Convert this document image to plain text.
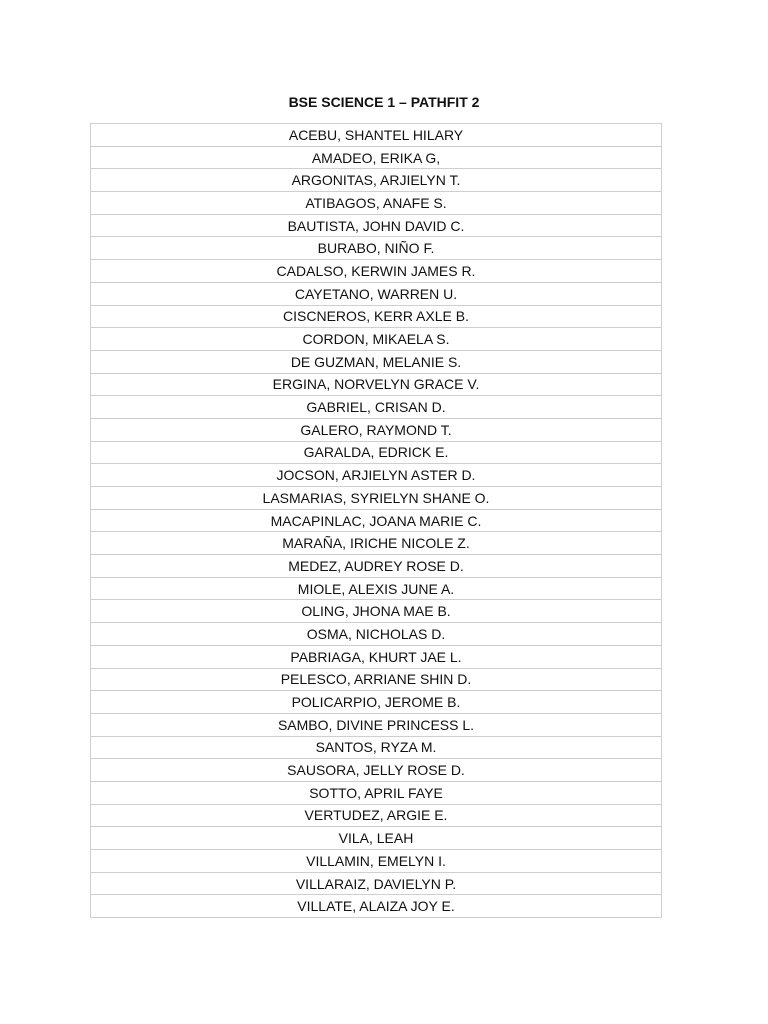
BSE SCIENCE 1 – PATHFIT 2
ACEBU, SHANTEL HILARY
AMADEO, ERIKA G,
ARGONITAS, ARJIELYN T.
ATIBAGOS, ANAFE S.
BAUTISTA, JOHN DAVID C.
BURABO, NIÑO F.
CADALSO, KERWIN JAMES R.
CAYETANO, WARREN U.
CISCNEROS, KERR AXLE B.
CORDON, MIKAELA S.
DE GUZMAN, MELANIE S.
ERGINA, NORVELYN GRACE V.
GABRIEL, CRISAN D.
GALERO, RAYMOND T.
GARALDA, EDRICK E.
JOCSON, ARJIELYN ASTER D.
LASMARIAS, SYRIELYN SHANE O.
MACAPINLAC, JOANA MARIE C.
MARAÑA, IRICHE NICOLE Z.
MEDEZ, AUDREY ROSE D.
MIOLE, ALEXIS JUNE A.
OLING, JHONA MAE B.
OSMA, NICHOLAS D.
PABRIAGA, KHURT JAE L.
PELESCO, ARRIANE SHIN D.
POLICARPIO, JEROME B.
SAMBO, DIVINE PRINCESS L.
SANTOS, RYZA M.
SAUSORA, JELLY ROSE D.
SOTTO, APRIL FAYE
VERTUDEZ, ARGIE E.
VILA, LEAH
VILLAMIN, EMELYN I.
VILLARAIZ, DAVIELYN P.
VILLATE, ALAIZA JOY E.
